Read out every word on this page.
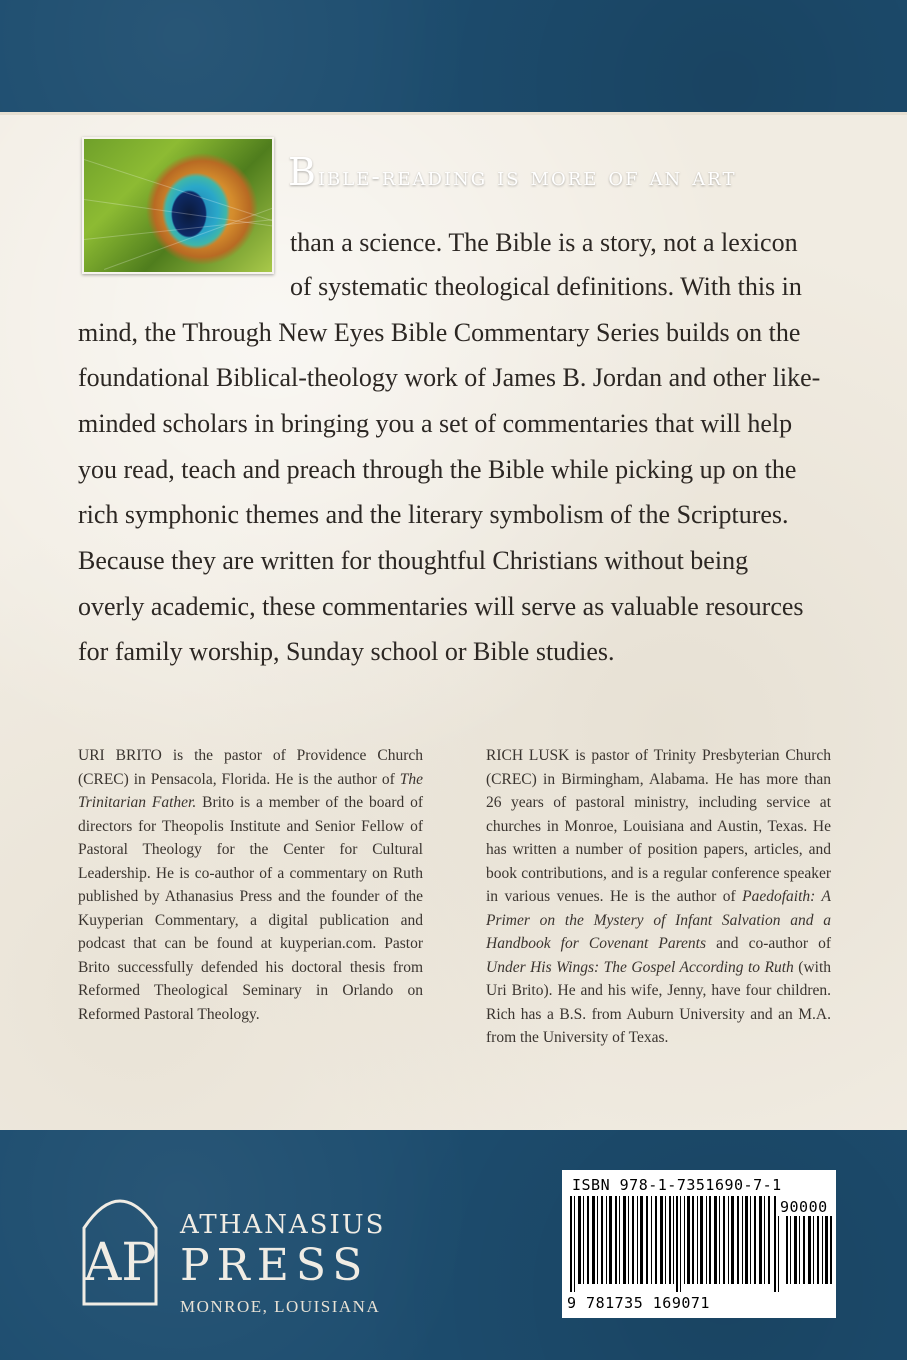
Bible-reading is more of an art
than a science. The Bible is a story, not a lexicon
of systematic theological definitions. With this in
mind, the Through New Eyes Bible Commentary Series builds on the
foundational Biblical-theology work of James B. Jordan and other like-
minded scholars in bringing you a set of commentaries that will help
you read, teach and preach through the Bible while picking up on the
rich symphonic themes and the literary symbolism of the Scriptures.
Because they are written for thoughtful Christians without being
overly academic, these commentaries will serve as valuable resources
for family worship, Sunday school or Bible studies.
URI BRITO is the pastor of Providence Church (CREC) in Pensacola, Florida. He is the author of The Trinitarian Father. Brito is a member of the board of directors for Theopolis Institute and Senior Fellow of Pastoral Theology for the Center for Cultural Leadership. He is co-author of a commentary on Ruth published by Athanasius Press and the founder of the Kuyperian Commentary, a digital publication and podcast that can be found at kuyperian.com. Pastor Brito successfully defended his doctoral thesis from Reformed Theological Seminary in Orlando on Reformed Pastoral Theology.
RICH LUSK is pastor of Trinity Presbyterian Church (CREC) in Birmingham, Alabama. He has more than 26 years of pastoral ministry, including service at churches in Monroe, Louisiana and Austin, Texas. He has written a number of position papers, articles, and book contributions, and is a regular conference speaker in various venues. He is the author of Paedofaith: A Primer on the Mystery of Infant Salvation and a Handbook for Covenant Parents and co-author of Under His Wings: The Gospel According to Ruth (with Uri Brito). He and his wife, Jenny, have four children. Rich has a B.S. from Auburn University and an M.A. from the University of Texas.
AP
ATHANASIUS
PRESS
MONROE, LOUISIANA
ISBN 978-1-7351690-7-1
90000
9 781735 169071
